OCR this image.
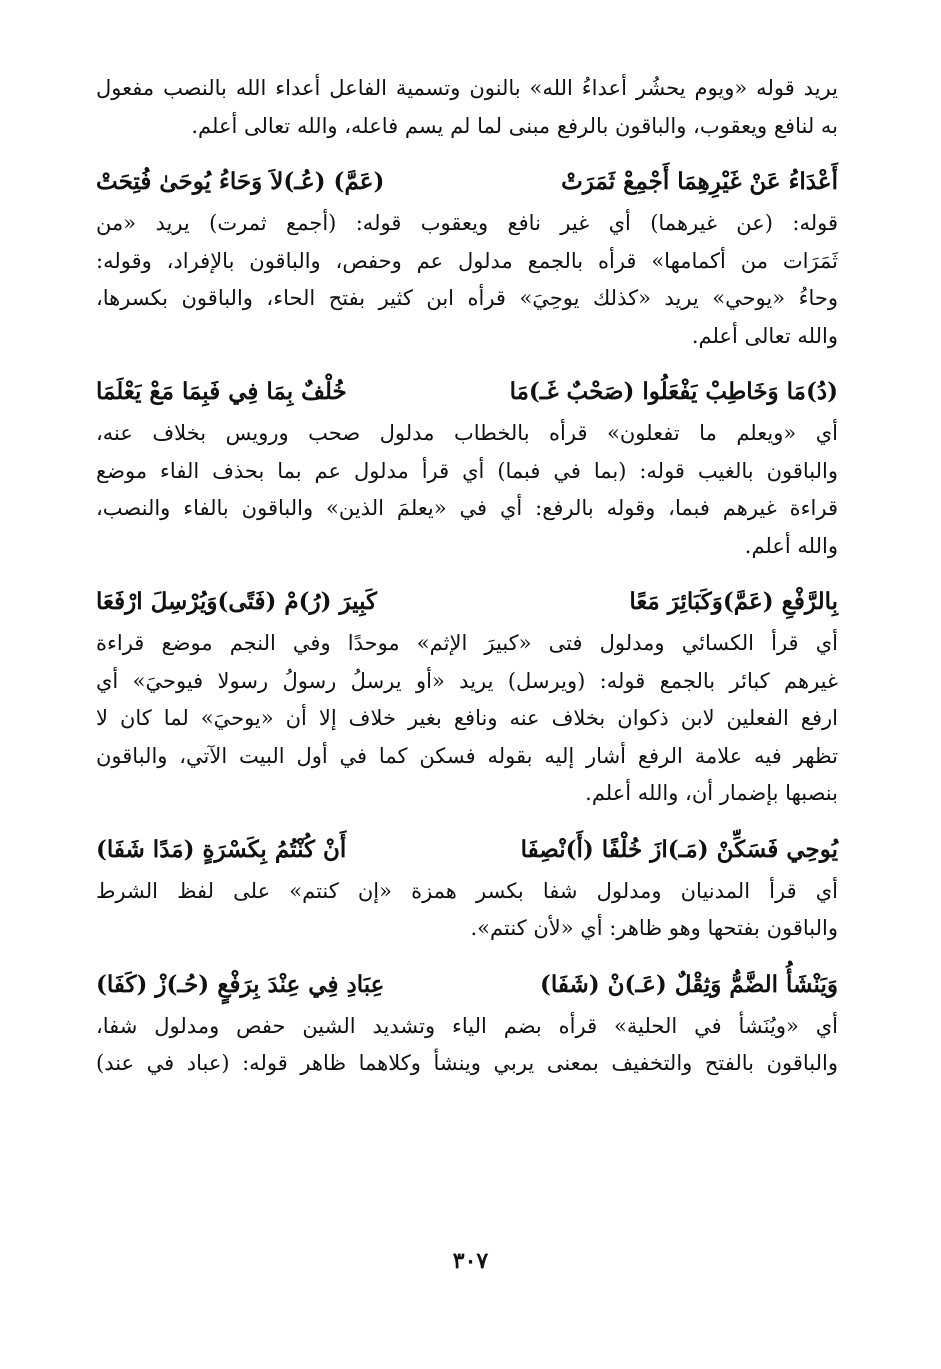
يريد قوله «ويوم يحشُر أعداءُ الله» بالنون وتسمية الفاعل أعداء الله بالنصب مفعول
به لنافع ويعقوب، والباقون بالرفع مبنى لما لم يسم فاعله، والله تعالى أعلم.
أَعْدَاءُ عَنْ غَيْرِهِمَا أَجْمِعْ ثَمَرَتْ
(عَمَّ) (عُـ)لاَ وَحَاءُ يُوحَىٰ فُتِحَتْ
قوله: (عن غيرهما) أي غير نافع ويعقوب قوله: (أجمع ثمرت) يريد «من
ثَمَرَات من أكمامها» قرأه بالجمع مدلول عم وحفص، والباقون بالإفراد، وقوله:
وحاءُ «يوحي» يريد «كذلك يوحِيَ» قرأه ابن كثير بفتح الحاء، والباقون بكسرها،
والله تعالى أعلم.
(دُ)مَا وَخَاطِبْ يَفْعَلُوا (صَحْبٌ غَـ)مَا
خُلْفٌ بِمَا فِي فَبِمَا مَعْ يَعْلَمَا
أي «ويعلم ما تفعلون» قرأه بالخطاب مدلول صحب ورويس بخلاف عنه،
والباقون بالغيب قوله: (بما في فبما) أي قرأ مدلول عم بما بحذف الفاء موضع
قراءة غيرهم فبما، وقوله بالرفع: أي في «يعلمَ الذين» والباقون بالفاء والنصب،
والله أعلم.
بِالرَّفْعِ (عَمَّ)وَكَبَائِرَ مَعًا
كَبِيرَ (رُ)مْ (فَتًى)وَيُرْسِلَ ارْفَعَا
أي قرأ الكسائي ومدلول فتى «كبيرَ الإثم» موحدًا وفي النجم موضع قراءة
غيرهم كبائر بالجمع قوله: (ويرسل) يريد «أو يرسلُ رسولُ رسولا فيوحيَ» أي
ارفع الفعلين لابن ذكوان بخلاف عنه ونافع بغير خلاف إلا أن «يوحيَ» لما كان لا
تظهر فيه علامة الرفع أشار إليه بقوله فسكن كما في أول البيت الآتي، والباقون
بنصبها بإضمار أن، والله أعلم.
يُوحِي فَسَكِّنْ (مَـ)ازَ خُلْفًا (أَ)نْصِفَا
أَنْ كُنْتُمُ بِكَسْرَةٍ (مَدًا شَفَا)
أي قرأ المدنيان ومدلول شفا بكسر همزة «إن كنتم» على لفظ الشرط
والباقون بفتحها وهو ظاهر: أي «لأن كنتم».
وَيَنْشَأُ الضَّمُّ وَثِقْلٌ (عَـ)نْ (شَفَا)
عِبَادِ فِي عِنْدَ بِرَفْعٍ (حُـ)زْ (كَفَا)
أي «ويُنَشأ في الحلية» قرأه بضم الياء وتشديد الشين حفص ومدلول شفا،
والباقون بالفتح والتخفيف بمعنى يربي وينشأ وكلاهما ظاهر قوله: (عباد في عند)
٣٠٧
